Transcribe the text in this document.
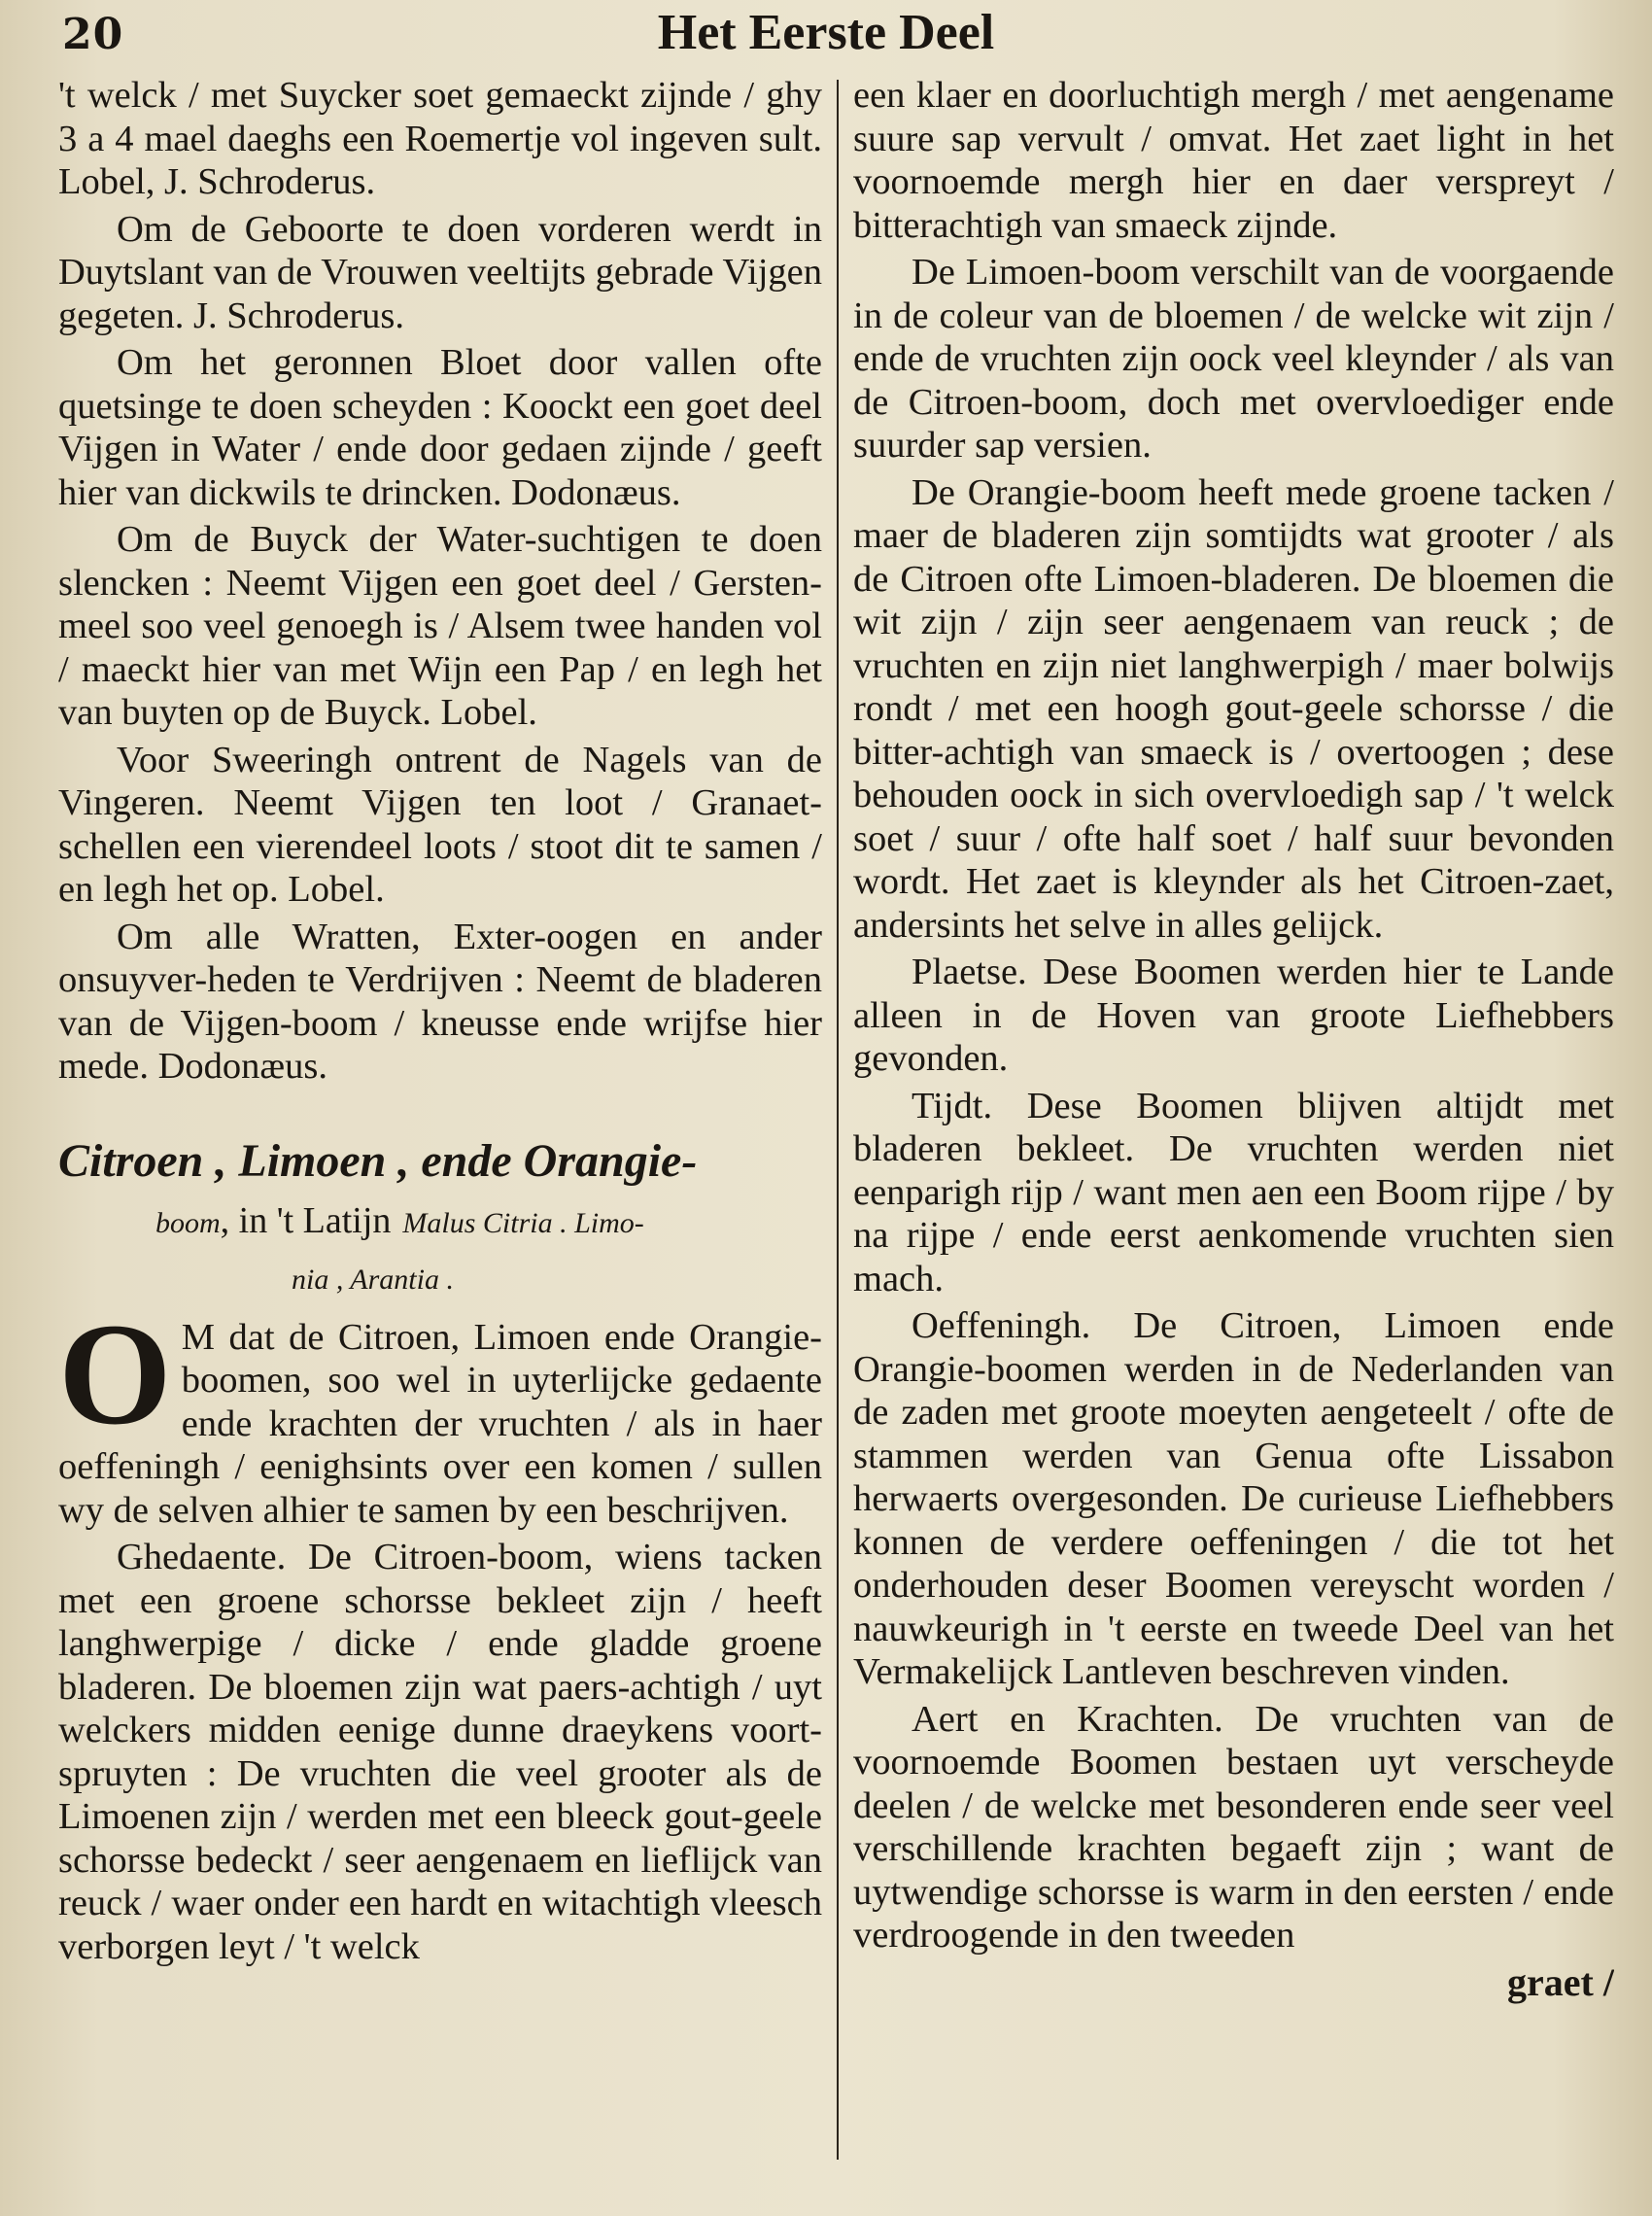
20	Het Eerste Deel

't welck / met Suycker soet gemaeckt zijnde / ghy 3 a 4 mael daeghs een Roemertje vol ingeven sult. Lobel, J. Schroderus.

Om de Geboorte te doen vorderen werdt in Duytslant van de Vrouwen veeltijts gebrade Vijgen gegeten. J. Schroderus.

Om het geronnen Bloet door vallen ofte quetsinge te doen scheyden : Koockt een goet deel Vijgen in Water / ende door gedaen zijnde / geeft hier van dickwils te drincken. Dodonæus.

Om de Buyck der Water-suchtigen te doen slencken : Neemt Vijgen een goet deel / Gersten-meel soo veel genoegh is / Alsem twee handen vol / maeckt hier van met Wijn een Pap / en legh het van buyten op de Buyck. Lobel.

Voor Sweeringh ontrent de Nagels van de Vingeren. Neemt Vijgen ten loot / Granaet-schellen een vierendeel loots / stoot dit te samen / en legh het op. Lobel.

Om alle Wratten, Exter-oogen en ander onsuyver-heden te Verdrijven : Neemt de bladeren van de Vijgen-boom / kneusse ende wrijfse hier mede. Dodonæus.

Citroen , Limoen , ende Orangie-
boom, in 't Latijn Malus Citria . Limo-
nia , Arantia .

O M dat de Citroen, Limoen ende Orangie-boomen, soo wel in uyterlijcke gedaente ende krachten der vruchten / als in haer oeffeningh / eenighsints over een komen / sullen wy de selven alhier te samen by een beschrijven.

Ghedaente. De Citroen-boom, wiens tacken met een groene schorsse bekleet zijn / heeft langhwerpige / dicke / ende gladde groene bladeren. De bloemen zijn wat paers-achtigh / uyt welckers midden eenige dunne draeykens voort-spruyten : De vruchten die veel grooter als de Limoenen zijn / werden met een bleeck gout-geele schorsse bedeckt / seer aengenaem en lieflijck van reuck / waer onder een hardt en witachtigh vleesch verborgen leyt / 't welck

een klaer en doorluchtigh mergh / met aengename suure sap vervult / omvat. Het zaet light in het voornoemde mergh hier en daer verspreyt / bitterachtigh van smaeck zijnde.

De Limoen-boom verschilt van de voorgaende in de coleur van de bloemen / de welcke wit zijn / ende de vruchten zijn oock veel kleynder / als van de Citroen-boom, doch met overvloediger ende suurder sap versien.

De Orangie-boom heeft mede groene tacken / maer de bladeren zijn somtijdts wat grooter / als de Citroen ofte Limoen-bladeren. De bloemen die wit zijn / zijn seer aengenaem van reuck ; de vruchten en zijn niet langhwerpigh / maer bolwijs rondt / met een hoogh gout-geele schorsse / die bitter-achtigh van smaeck is / overtoogen ; dese behouden oock in sich overvloedigh sap / 't welck soet / suur / ofte half soet / half suur bevonden wordt. Het zaet is kleynder als het Citroen-zaet, andersints het selve in alles gelijck.

Plaetse. Dese Boomen werden hier te Lande alleen in de Hoven van groote Liefhebbers gevonden.

Tijdt. Dese Boomen blijven altijdt met bladeren bekleet. De vruchten werden niet eenparigh rijp / want men aen een Boom rijpe / by na rijpe / ende eerst aenkomende vruchten sien mach.

Oeffeningh. De Citroen, Limoen ende Orangie-boomen werden in de Nederlanden van de zaden met groote moeyten aengeteelt / ofte de stammen werden van Genua ofte Lissabon herwaerts overgesonden. De curieuse Liefhebbers konnen de verdere oeffeningen / die tot het onderhouden deser Boomen vereyscht worden / nauwkeurigh in 't eerste en tweede Deel van het Vermakelijck Lantleven beschreven vinden.

Aert en Krachten. De vruchten van de voornoemde Boomen bestaen uyt verscheyde deelen / de welcke met besonderen ende seer veel verschillende krachten begaeft zijn ; want de uytwendige schorsse is warm in den eersten / ende verdroogende in den tweeden

graet /
